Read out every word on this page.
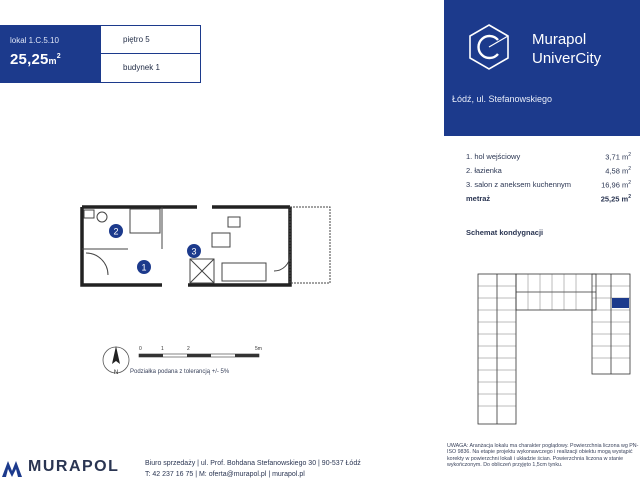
lokal 1.C.5.10
$25,25m^2$
piętro 5
budynek 1
Murapol
UniverCity
Łódź, ul. Stefanowskiego
1. hol wejściowy	3,71 $m^2$
2. łazienka	4,58 $m^2$
3. salon z aneksem kuchennym	16,96 $m^2$
metraż	25,25 $m^2$
Schemat kondygnacji
2
1
3
N
0	1	2	5m
Podziałka podana z tolerancją +/- 5%
MURAPOL	Biuro sprzedaży | ul. Prof. Bohdana Stefanowskiego 30 | 90-537 Łódź
T: 42 237 16 75 | M: oferta@murapol.pl | murapol.pl
UWAGA: Aranżacja lokalu ma charakter poglądowy. Powierzchnia liczona wg PN-ISO 9836. Na etapie projektu wykonawczego i realizacji obiektu mogą wystąpić korekty w powierzchni lokali i układzie ścian. Powierzchnia liczona w stanie wykończonym. Do obliczeń przyjęto 1,5cm tynku.
